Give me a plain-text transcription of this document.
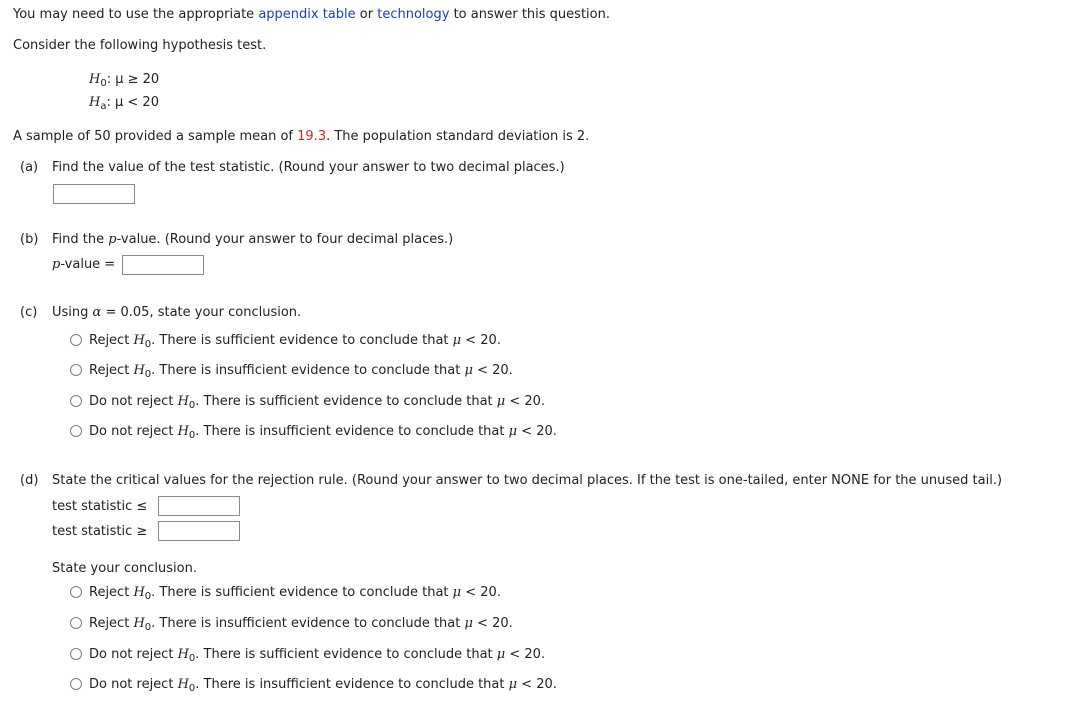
You may need to use the appropriate appendix table or technology to answer this question.
Consider the following hypothesis test.
$H_0$: μ ≥ 20
$H_a$: μ < 20
A sample of 50 provided a sample mean of 19.3. The population standard deviation is 2.
(a) Find the value of the test statistic. (Round your answer to two decimal places.)
(b) Find the p-value. (Round your answer to four decimal places.)
p-value =
(c) Using α = 0.05, state your conclusion.
Reject $H_0$. There is sufficient evidence to conclude that μ < 20.
Reject $H_0$. There is insufficient evidence to conclude that μ < 20.
Do not reject $H_0$. There is sufficient evidence to conclude that μ < 20.
Do not reject $H_0$. There is insufficient evidence to conclude that μ < 20.
(d) State the critical values for the rejection rule. (Round your answer to two decimal places. If the test is one-tailed, enter NONE for the unused tail.)
test statistic ≤
test statistic ≥
State your conclusion.
Reject $H_0$. There is sufficient evidence to conclude that μ < 20.
Reject $H_0$. There is insufficient evidence to conclude that μ < 20.
Do not reject $H_0$. There is sufficient evidence to conclude that μ < 20.
Do not reject $H_0$. There is insufficient evidence to conclude that μ < 20.
